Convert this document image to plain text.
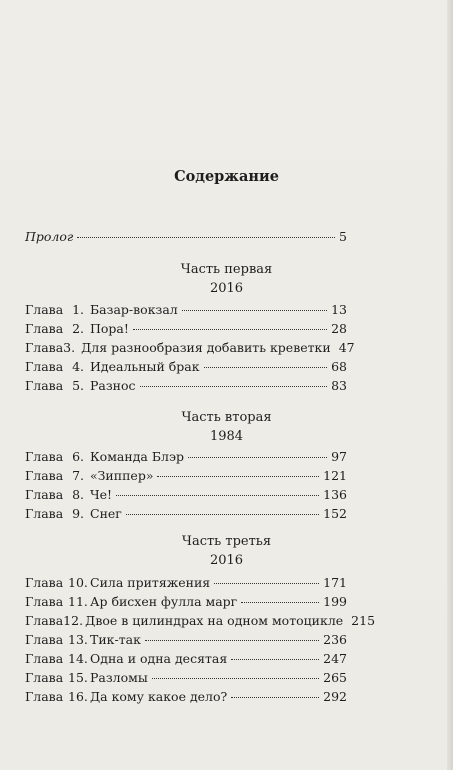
Содержание
Пролог	5
Часть первая
2016
Глава 1. Базар-вокзал	13
Глава 2. Пора!	28
Глава 3. Для разнообразия добавить креветки 47
Глава 4. Идеальный брак	68
Глава 5. Разнос	83
Часть вторая
1984
Глава 6. Команда Блэр	97
Глава 7. «Зиппер»	121
Глава 8. Че!	136
Глава 9. Снег	152
Часть третья
2016
Глава 10. Сила притяжения	171
Глава 11. Ар бисхен фулла марг	199
Глава 12. Двое в цилиндрах на одном мотоцикле 215
Глава 13. Тик-так	236
Глава 14. Одна и одна десятая	247
Глава 15. Разломы	265
Глава 16. Да кому какое дело?	292
